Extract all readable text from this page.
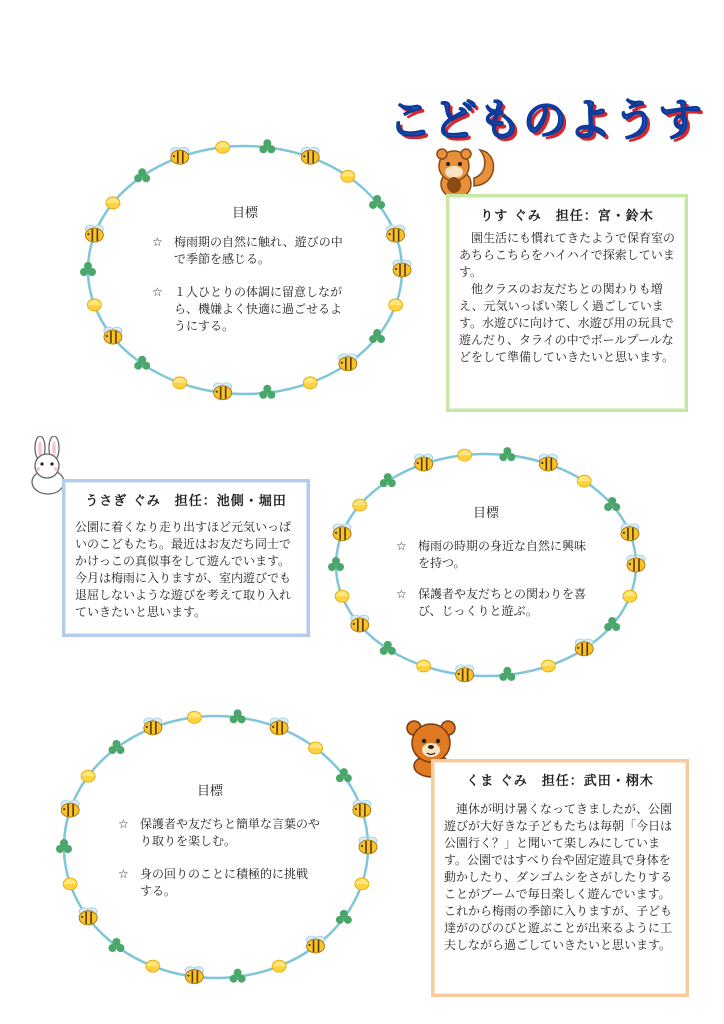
こどものようす
目標
☆ 梅雨期の自然に触れ、遊びの中で季節を感じる。
☆ １人ひとりの体調に留意しながら、機嫌よく快適に過ごせるようにする。
りす ぐみ　担任：宮・鈴木

　園生活にも慣れてきたようで保育室のあちらこちらをハイハイで探索しています。

　他クラスのお友だちとの関わりも増え、元気いっぱい楽しく過ごしています。水遊びに向けて、水遊び用の玩具で遊んだり、タライの中でボールプールなどをして準備していきたいと思います。

うさぎ ぐみ　担任：池側・堀田

公園に着くなり走り出すほど元気いっぱいのこどもたち。最近はお友だち同士でかけっこの真似事をして遊んでいます。今月は梅雨に入りますが、室内遊びでも退屈しないような遊びを考えて取り入れていきたいと思います。

目標
☆ 梅雨の時期の身近な自然に興味を持つ。
☆ 保護者や友だちとの関わりを喜び、じっくりと遊ぶ。
目標
☆ 保護者や友だちと簡単な言葉のやり取りを楽しむ。
☆ 身の回りのことに積極的に挑戦する。
くま ぐみ　担任：武田・栩木

　連休が明け暑くなってきましたが、公園遊びが大好きな子どもたちは毎朝「今日は公園行く？」と聞いて楽しみにしています。公園ではすべり台や固定遊具で身体を動かしたり、ダンゴムシをさがしたりすることがブームで毎日楽しく遊んでいます。

これから梅雨の季節に入りますが、子ども達がのびのびと遊ぶことが出来るように工夫しながら過ごしていきたいと思います。
